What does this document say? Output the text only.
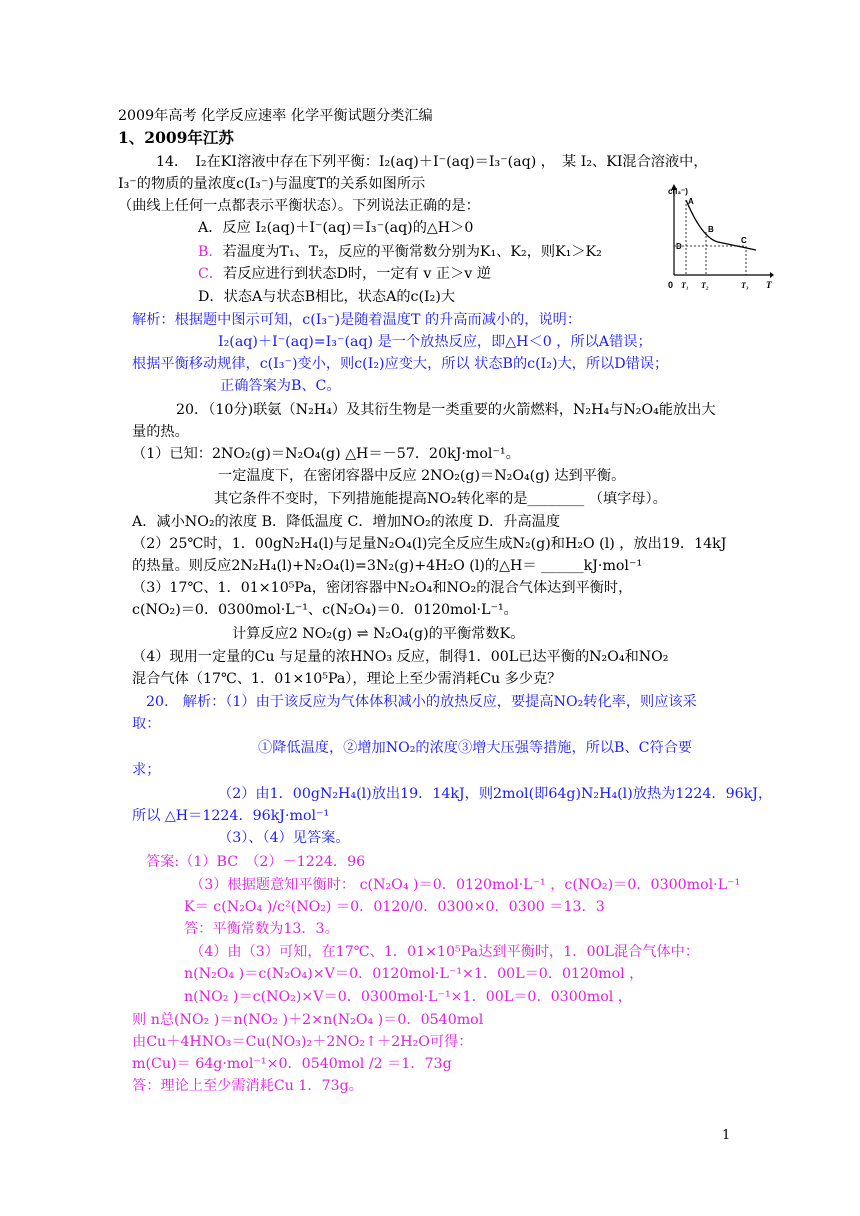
2009年高考 化学反应速率 化学平衡试题分类汇编
1、2009年江苏
14．　I₂在KI溶液中存在下列平衡：I₂(aq)＋I⁻(aq)＝I₃⁻(aq) ，　某 I₂、KI混合溶液中，
I₃⁻的物质的量浓度c(I₃⁻)与温度T的关系如图所示
（曲线上任何一点都表示平衡状态）。下列说法正确的是：
A．反应 I₂(aq)＋I⁻(aq)＝I₃⁻(aq)的△H＞0
B．若温度为T₁、T₂，反应的平衡常数分别为K₁、K₂，则K₁＞K₂
C．若反应进行到状态D时，一定有 v 正＞v 逆
D．状态A与状态B相比，状态A的c(I₂)大
c(I₃⁻)
T
0 T₁ T₂	T₃
A
B
C
D
解析：根据题中图示可知，c(I₃⁻)是随着温度T 的升高而减小的，说明：
I₂(aq)＋I⁻(aq)=I₃⁻(aq) 是一个放热反应，即△H＜0 ，所以A错误；
根据平衡移动规律，c(I₃⁻)变小，则c(I₂)应变大，所以 状态B的c(I₂)大，所以D错误；
正确答案为B、C。
20．（10分)联氨（N₂H₄）及其衍生物是一类重要的火箭燃料，N₂H₄与N₂O₄能放出大
量的热。
（1）已知：2NO₂(g)＝N₂O₄(g) △H＝－57．20kJ·mol⁻¹。
一定温度下，在密闭容器中反应 2NO₂(g)＝N₂O₄(g) 达到平衡。
其它条件不变时，下列措施能提高NO₂转化率的是________ （填字母）。
A．减小NO₂的浓度 B．降低温度 C．增加NO₂的浓度 D．升高温度
（2）25℃时，1．00gN₂H₄(l)与足量N₂O₄(l)完全反应生成N₂(g)和H₂O (l) ，放出19．14kJ
的热量。则反应2N₂H₄(l)+N₂O₄(l)=3N₂(g)+4H₂O (l)的△H＝ ______kJ·mol⁻¹
（3）17℃、1．01×10⁵Pa，密闭容器中N₂O₄和NO₂的混合气体达到平衡时，
c(NO₂)＝0．0300mol·L⁻¹、c(N₂O₄)＝0．0120mol·L⁻¹。
计算反应2 NO₂(g) ⇌ N₂O₄(g)的平衡常数K。
（4）现用一定量的Cu 与足量的浓HNO₃ 反应，制得1．00L已达平衡的N₂O₄和NO₂
混合气体（17℃、1．01×10⁵Pa），理论上至少需消耗Cu 多少克？
20.　解析：（1）由于该反应为气体体积减小的放热反应，要提高NO₂转化率，则应该采
取：
①降低温度，②增加NO₂的浓度③增大压强等措施，所以B、C符合要
求；
（2）由1．00gN₂H₄(l)放出19．14kJ，则2mol(即64g)N₂H₄(l)放热为1224．96kJ，
所以 △H＝1224．96kJ·mol⁻¹
（3）、（4）见答案。
答案:（1）BC　（2）－1224．96
（3）根据题意知平衡时： c(N₂O₄ )＝0．0120mol·L⁻¹ ，c(NO₂)＝0．0300mol·L⁻¹
K＝ c(N₂O₄ )/c²(NO₂) ＝0．0120/0．0300×0．0300 ＝13．3
答：平衡常数为13．3。
（4）由（3）可知，在17℃、1．01×10⁵Pa达到平衡时，1．00L混合气体中：
n(N₂O₄ )＝c(N₂O₄)×V＝0．0120mol·L⁻¹×1．00L＝0．0120mol ，
n(NO₂ )＝c(NO₂)×V＝0．0300mol·L⁻¹×1．00L＝0．0300mol ，
则 n总(NO₂ )＝n(NO₂ )＋2×n(N₂O₄ )＝0．0540mol
由Cu＋4HNO₃＝Cu(NO₃)₂＋2NO₂↑＋2H₂O可得：
m(Cu)＝ 64g·mol⁻¹×0．0540mol /2 ＝1．73g
答：理论上至少需消耗Cu 1．73g。
1
